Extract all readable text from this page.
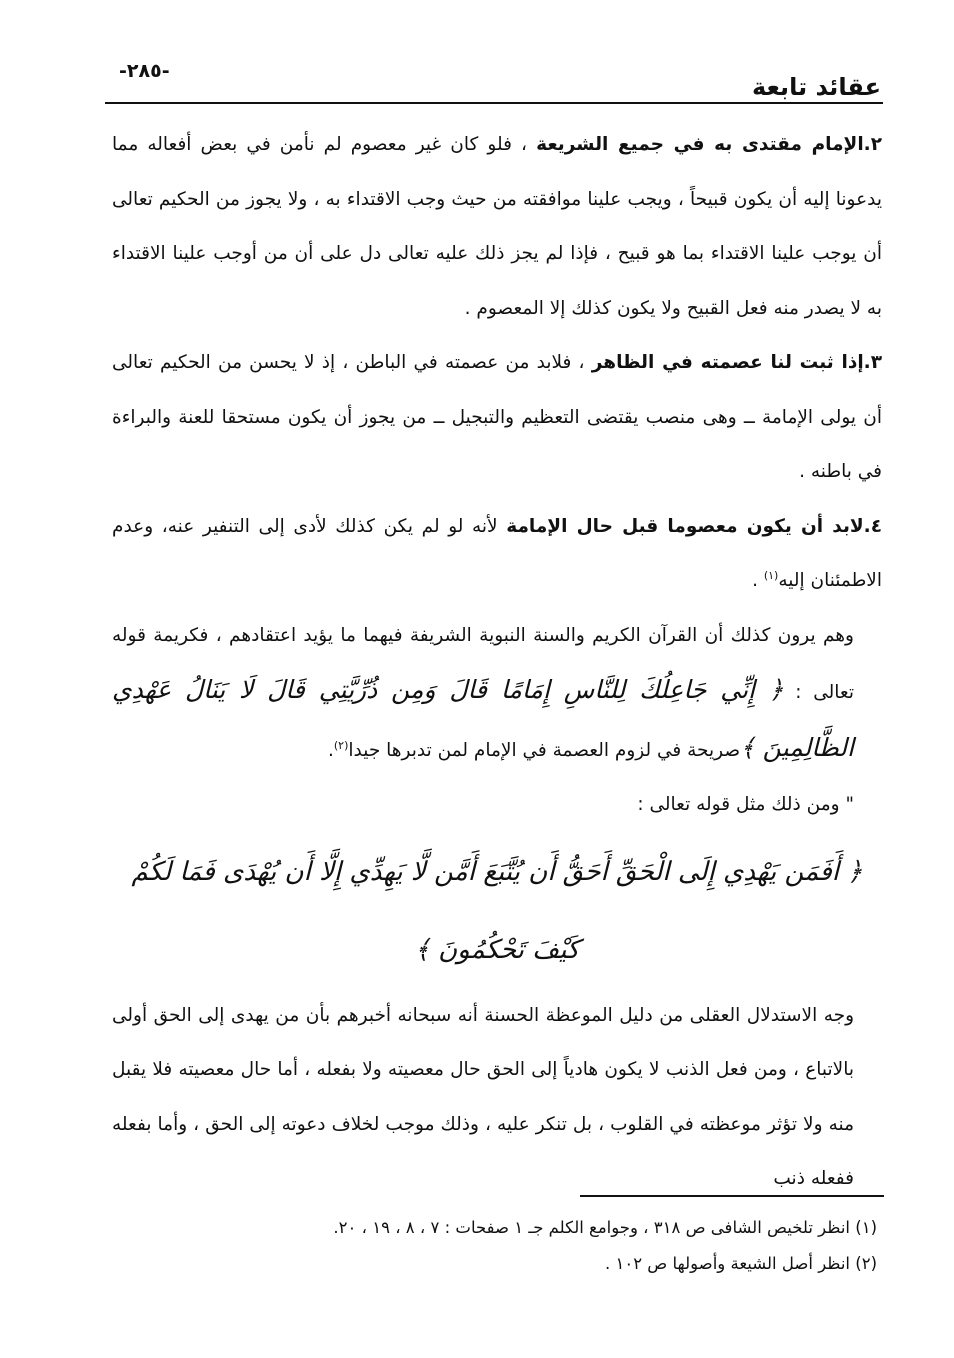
عقائد تابعة
-٢٨٥-

٢.الإمام مقتدى به في جميع الشريعة ، فلو كان غير معصوم لم نأمن في بعض أفعاله مما يدعونا إليه أن يكون قبيحاً ، ويجب علينا موافقته من حيث وجب الاقتداء به ، ولا يجوز من الحكيم تعالى أن يوجب علينا الاقتداء بما هو قبيح ، فإذا لم يجز ذلك عليه تعالى دل على أن من أوجب علينا الاقتداء به لا يصدر منه فعل القبيح ولا يكون كذلك إلا المعصوم .

٣.إذا ثبت لنا عصمته في الظاهر ، فلابد من عصمته في الباطن ، إذ لا يحسن من الحكيم تعالى أن يولى الإمامة ــ وهى منصب يقتضى التعظيم والتبجيل ــ من يجوز أن يكون مستحقا للعنة والبراءة في باطنه .

٤.لابد أن يكون معصوما قبل حال الإمامة لأنه لو لم يكن كذلك لأدى إلى التنفير عنه، وعدم الاطمئنان إليه$^{(١)}$ .

وهم يرون كذلك أن القرآن الكريم والسنة النبوية الشريفة فيهما ما يؤيد اعتقادهم ، فكريمة قوله تعالى : ﴿ إِنِّي جَاعِلُكَ لِلنَّاسِ إِمَامًا قَالَ وَمِن ذُرِّيَّتِي قَالَ لَا يَنَالُ عَهْدِي الظَّالِمِينَ ﴾صريحة في لزوم العصمة في الإمام لمن تدبرها جيدا$^{(٢)}$.

" ومن ذلك مثل قوله تعالى :

﴿ أَفَمَن يَهْدِي إِلَى الْحَقِّ أَحَقُّ أَن يُتَّبَعَ أَمَّن لَّا يَهِدِّي إِلَّا أَن يُهْدَى فَمَا لَكُمْ كَيْفَ تَحْكُمُونَ ﴾

وجه الاستدلال العقلى من دليل الموعظة الحسنة أنه سبحانه أخبرهم بأن من يهدى إلى الحق أولى بالاتباع ، ومن فعل الذنب لا يكون هادياً إلى الحق حال معصيته ولا بفعله ، أما حال معصيته فلا يقبل منه ولا تؤثر موعظته في القلوب ، بل تنكر عليه ، وذلك موجب لخلاف دعوته إلى الحق ، وأما بفعله ففعله ذنب

(١) انظر تلخيص الشافى ص ٣١٨ ، وجوامع الكلم جـ ١ صفحات : ٧ ، ٨ ، ١٩ ، ٢٠.

(٢) انظر أصل الشيعة وأصولها ص ١٠٢ .
